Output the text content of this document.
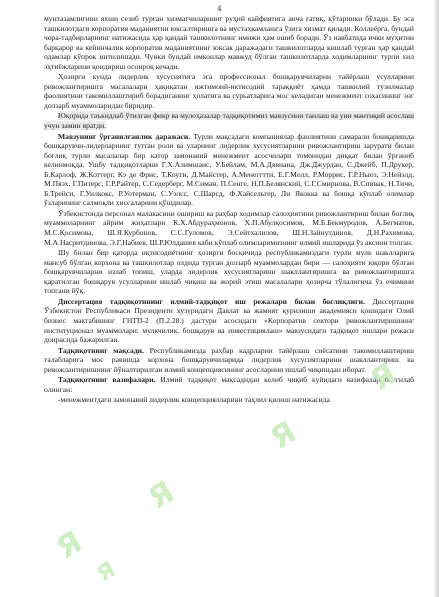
4

мунтазамлигини яхши сезиб турган хизматчиларнинг руҳий кайфиятига анча ғатиқ, кўтаринки бўлади. Бу эса ташкилотдаги корпоратив маданиятни юксалтиришга ва мустаҳкамлашга ўзига хизмат қилади. Коллеёрга, бундай чора-тадбирларнинг натижасида ҳар қандай ташкилотнинг имижи ҳам ошиб боради. Ўз навбатида ички муҳитни барқарор ва кейинчалик корпоратив маданиятнинг юксак даражадаги ташкилотларда кишлаб турган ҳар қандай одамлар кўпрок интилишади. Чунки бундай имконлар мавжуд бўлган ташкилотларда ходимларнинг турли хил эҳтиёжларини қондириш осонроқ кечади.

Ҳозирги кунда лидерлик хусусиятига эга профессионал бошқарувчиларни тайёрлаш усулларини ривожлантиришга масалалари ҳақиқатан ижтимоий-иктисодий тараққиёт ҳамда ташкилий тузилмалар фаолиятини такомиллаштириб борадиганинг ҳолатига ва сурьатларига мос келадиган менежмент сохасининг энг долзарб муаммоларидан биридир.

Юқорида таъкидлаб ўтилган фикр ва мулоҳазалар тадқиқотимиз мавзусини танлаш ва уни мантиқий асослаш учун замин яратди.

Мавзунинг ўрганилганлик даражаси. Турли мақсадаги компаниялар фаолиятини самарали бошқаришда бошқарувчи-лидерларнинг тутган роли ва уларнинг лидерлик хусусиятларини ривожлантириш зарурати билан боғлиқ турли масалалар бир катор замонавий менежмент асосчилари томонидан диққат билан ўрганиб келинмоқда. Ушбу тадқиқотларни Г.Х.Алимшанс, У.Бейлам, М.А.Дявиана, Дж.Джурдан, С.Джейб, П.Друкер, Б.Карлоф, Ж.Коттерг, Кэ де Фрис, Т.Коути, Д.Майстер, А.Менеггтти, Е.Г.Молл, Р.Моррис, Г.Р.Ньюз, Э.Нейэлд, М.Пяэх, Г.Питерс, Г.Р.Райтер, С.Седерберг, М.Симан, П.Сенге, Н.П.Белянский, С.Г.Смирнова, В.Спивак, Н.Тичи, Б.Трейси, Г.Уилкокс, Р.Уотерман, С.Уэлсс, С.Шарсд, Ф.Хайсельгер, Ли Якокка ва бошқа кўплаб олимлар ўзларининг салмоқли хиссаларини қўшдилар.

Ўзбекистонда персонал малакасини ошириш ва раҳбар ходимлар салоҳиятини ривожлантириш билан боғлиқ муаммоларнинг айрим жиҳатлари К.Х.Абдураҳмонов, Х.П.Абулқосимов, М.Б.Бекмуродов, А.Бегматов, М.С.Қосимова, Ш.Я.Курбонов, С.С.Гуломов, Э.Сейтхалилов, Ш.Н.Зайнутдинов, Д.Н.Рахимова, М.А.Насритдинова, Э.Г.Набиев, Ш.Р.Юлдашев каби кўплаб олимларимизнинг илмий ишларида ўз аксини топган.

Шу билан бир қаторда иқтисодиётнинг ҳозирги босқичида республикамиздаги турли мулк шаклларига мансуб бўлган корхона ва ташкилотлар олдида турган долзарб муаммолардан бири — салоҳияти юқори бўлган бошқарувчиларни излаб топиш, уларда лидерлик хусусиятларини шакллантиришга ва ривожлантиришга қаратилган бошқарув усулларини ишлаб чиқиш ва жорий этиш масалалари ҳозирча тўлалигича ўз ечимини топгани йўқ.

Диссертация тадқиқотининг илмий-тадқиқот иш режалари билан боғлиқлиги. Диссертация Ўзбекистон Республикаси Президенти хузуридаги Давлат ва жамият қурилиши академияси қошидаги Олий бизнес мактабининг ГНТП-2 (П.2.28.) дастури асосидаги «Корпоратив сектори ривожлантиришнинг институционал муаммолари: мулкчилик, бошқарув ва инвестициялаш» мавзусидаги тадқиқот ишлари режаси доирасида бажарилган.

Тадқиқотнинг мақсади. Республикамизда раҳбар кадрларни тайёрлаш сиёсатини такомиллаштириш талабларига мос равишда корхона бошқарувчиларида лидерлик хусусиятларини шакллантириш ва ривожлантиришнинг йўналтирилган илмий концепциясининг асосларини ишлаб чиқишдан иборат.

Тадқиқотнинг вазифалари. Илмий тадқиқот мақсадидан келиб чиқиб куйидаги вазифалар белгилаб олинган:

-менежментдаги замонавий лидерлик концепциялларини таҳлил қилиш натижасида

Я
Я
Я
Я
Я
